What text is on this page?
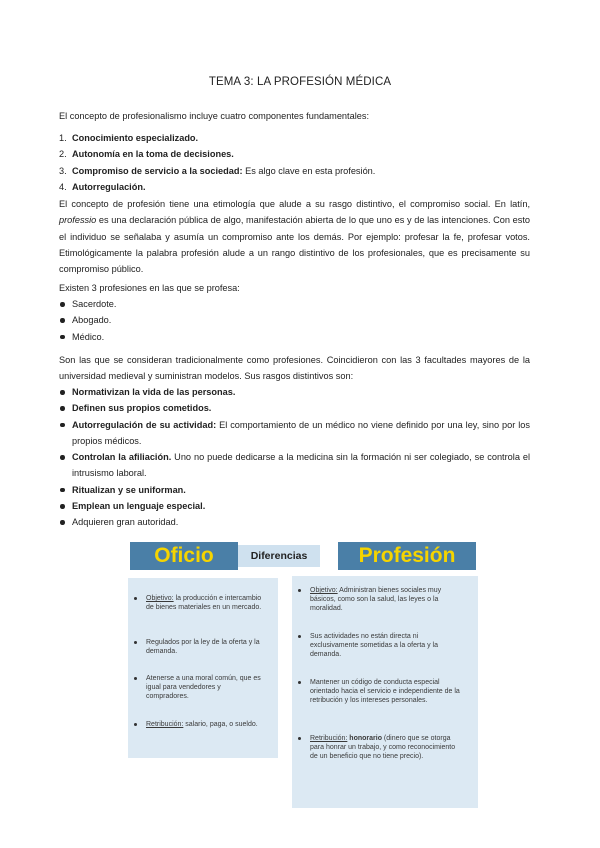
TEMA 3: LA PROFESIÓN MÉDICA
El concepto de profesionalismo incluye cuatro componentes fundamentales:
1. Conocimiento especializado.
2. Autonomía en la toma de decisiones.
3. Compromiso de servicio a la sociedad: Es algo clave en esta profesión.
4. Autorregulación.
El concepto de profesión tiene una etimología que alude a su rasgo distintivo, el compromiso social. En latín, professio es una declaración pública de algo, manifestación abierta de lo que uno es y de las intenciones. Con esto el individuo se señalaba y asumía un compromiso ante los demás. Por ejemplo: profesar la fe, profesar votos. Etimológicamente la palabra profesión alude a un rango distintivo de los profesionales, que es precisamente su compromiso público.
Existen 3 profesiones en las que se profesa:
Sacerdote.
Abogado.
Médico.
Son las que se consideran tradicionalmente como profesiones. Coincidieron con las 3 facultades mayores de la universidad medieval y suministran modelos. Sus rasgos distintivos son:
Normativizan la vida de las personas.
Definen sus propios cometidos.
Autorregulación de su actividad: El comportamiento de un médico no viene definido por una ley, sino por los propios médicos.
Controlan la afiliación. Uno no puede dedicarse a la medicina sin la formación ni ser colegiado, se controla el intrusismo laboral.
Ritualizan y se uniforman.
Emplean un lenguaje especial.
Adquieren gran autoridad.
Oficio	Diferencias	Profesión
Objetivo: la producción e intercambio de bienes materiales en un mercado.
Regulados por la ley de la oferta y la demanda.
Atenerse a una moral común, que es igual para vendedores y compradores.
Retribución: salario, paga, o sueldo.
Objetivo: Administran bienes sociales muy básicos, como son la salud, las leyes o la moralidad.
Sus actividades no están directa ni exclusivamente sometidas a la oferta y la demanda.
Mantener un código de conducta especial orientado hacia el servicio e independiente de la retribución y los intereses personales.
Retribución: honorario (dinero que se otorga para honrar un trabajo, y como reconocimiento de un beneficio que no tiene precio).
